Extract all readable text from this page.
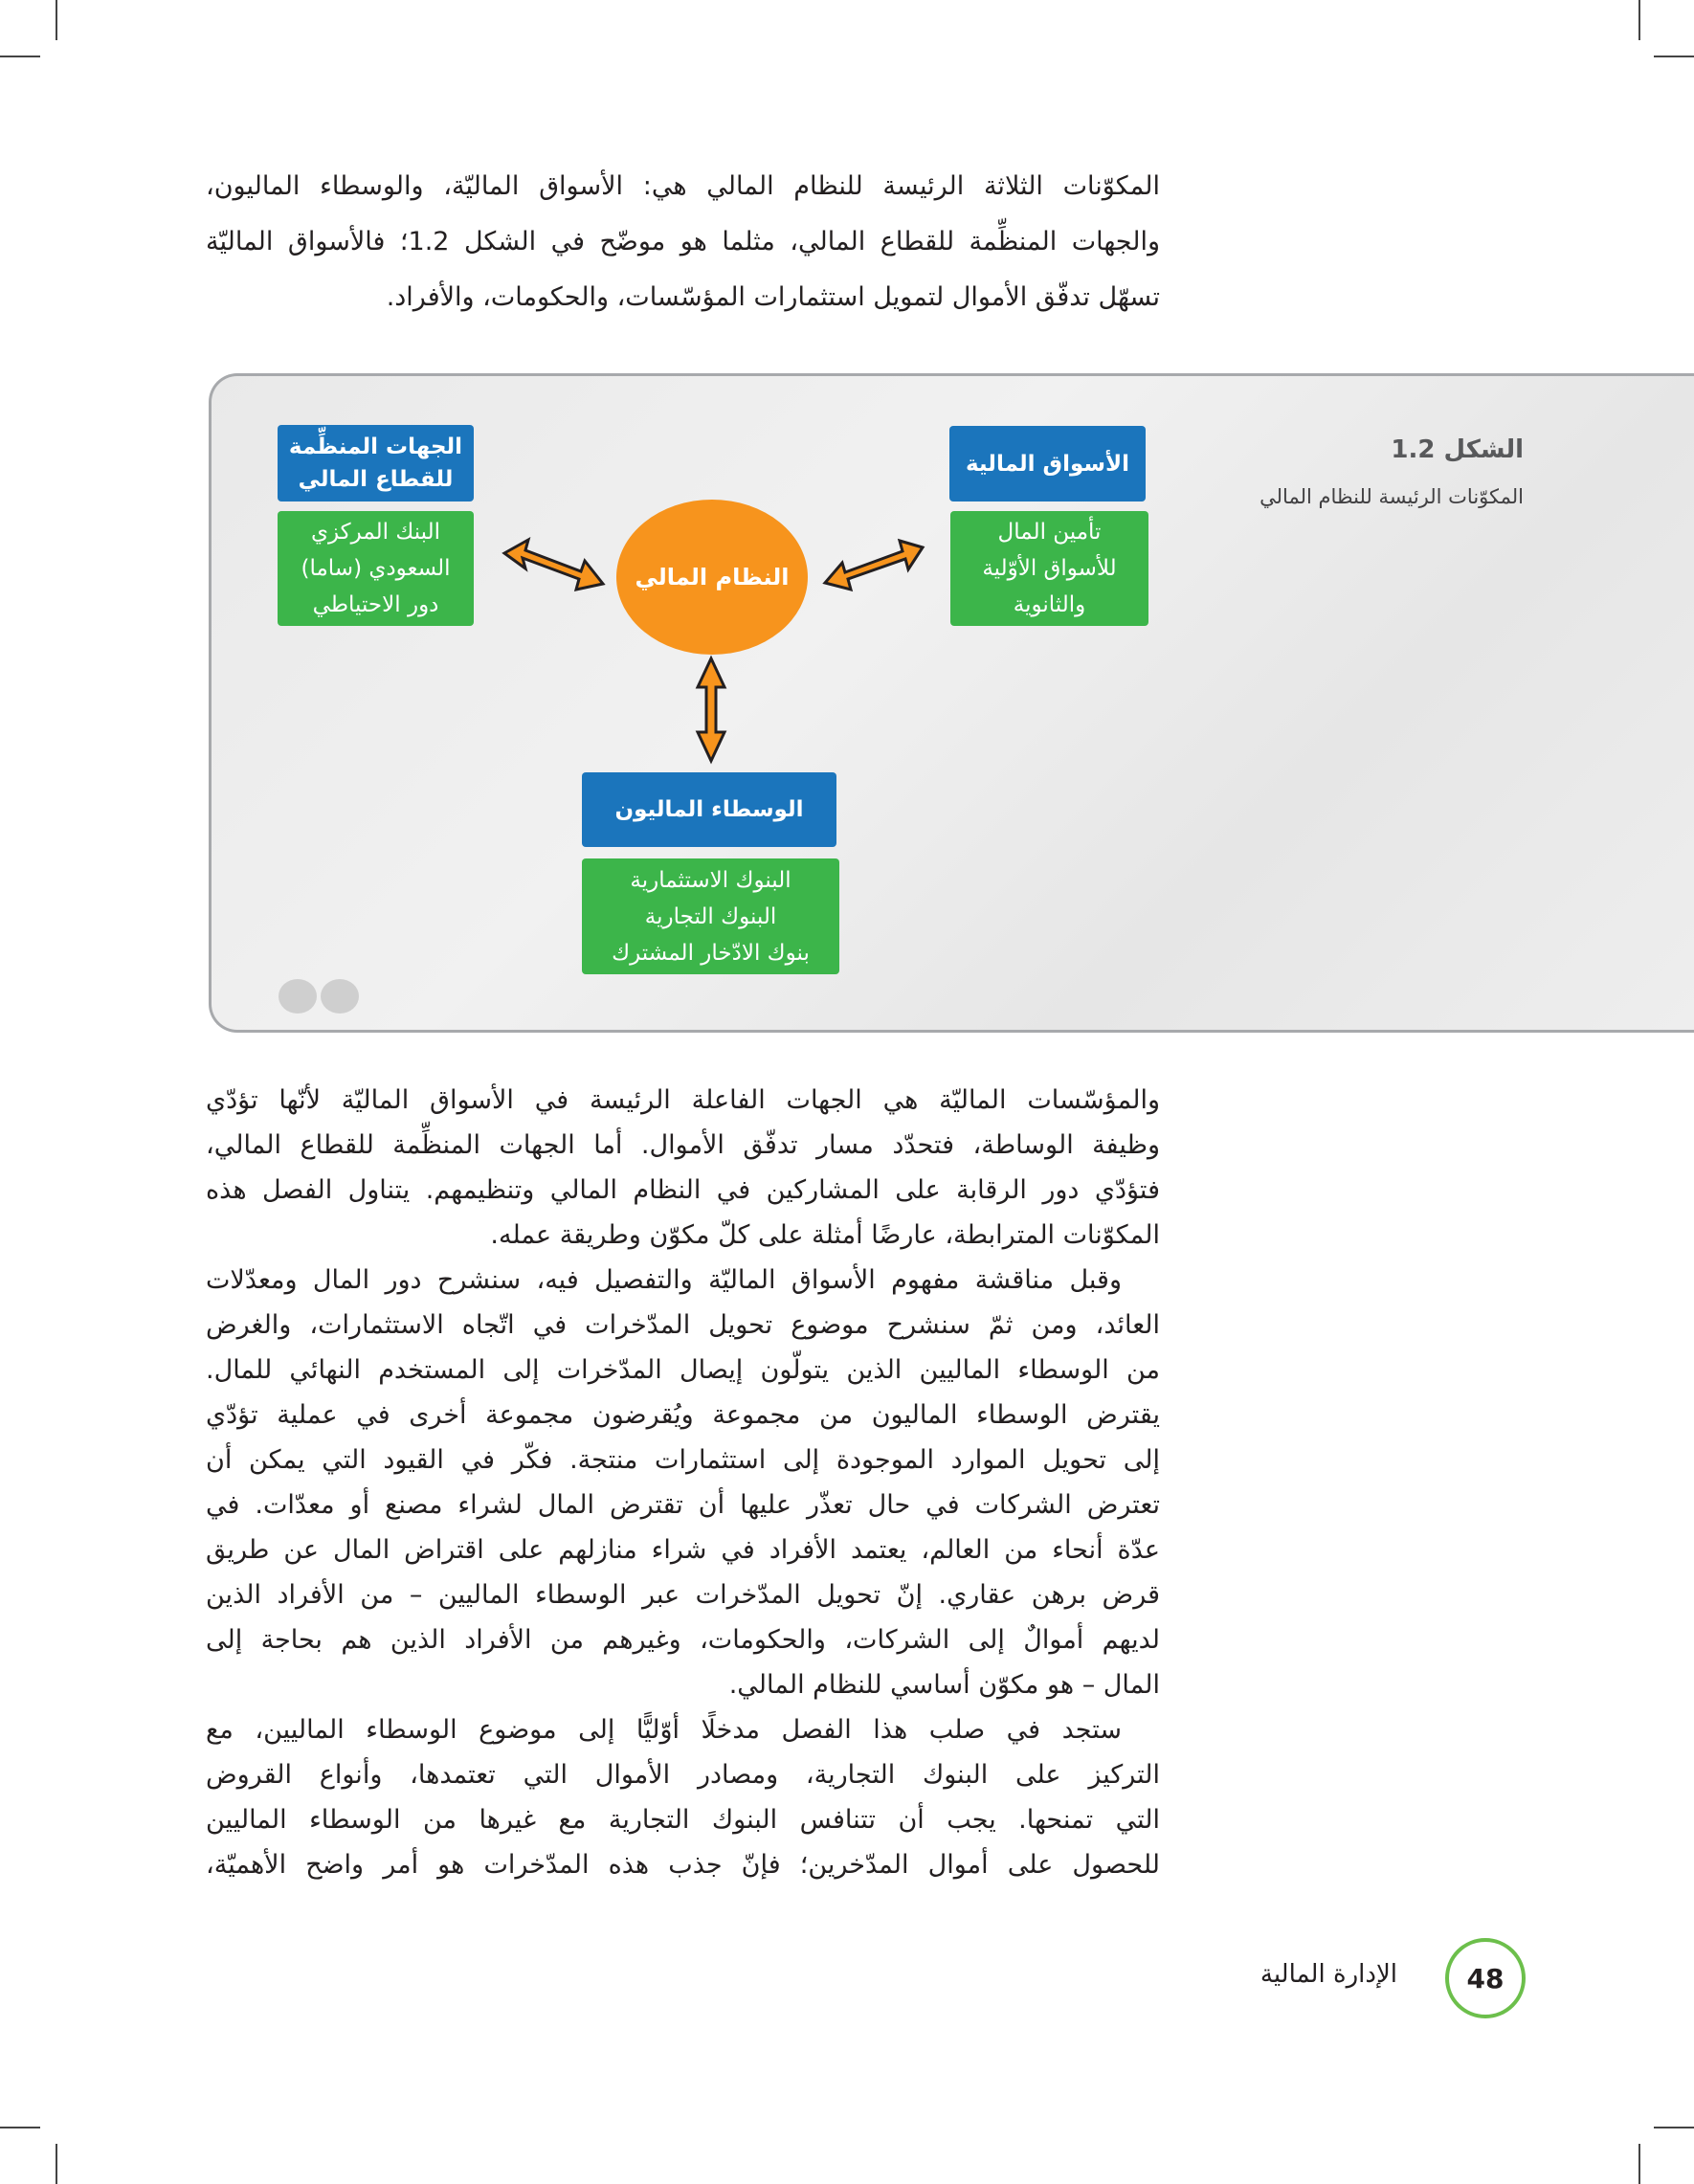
المكوّنات الثلاثة الرئيسة للنظام المالي هي: الأسواق الماليّة، والوسطاء الماليون،
والجهات المنظِّمة للقطاع المالي، مثلما هو موضّح في الشكل 1.2؛ فالأسواق الماليّة
تسهّل تدفّق الأموال لتمويل استثمارات المؤسّسات، والحكومات، والأفراد.
الشكل 1.2
المكوّنات الرئيسة للنظام المالي
الأسواق المالية
تأمين المال
للأسواق الأوّلية
والثانوية
الجهات المنظِّمة
للقطاع المالي
البنك المركزي
السعودي (ساما)
دور الاحتياطي
النظام المالي
الوسطاء الماليون
البنوك الاستثمارية
البنوك التجارية
بنوك الادّخار المشترك
والمؤسّسات الماليّة هي الجهات الفاعلة الرئيسة في الأسواق الماليّة لأنّها تؤدّي
وظيفة الوساطة، فتحدّد مسار تدفّق الأموال. أما الجهات المنظِّمة للقطاع المالي،
فتؤدّي دور الرقابة على المشاركين في النظام المالي وتنظيمهم. يتناول الفصل هذه
المكوّنات المترابطة، عارضًا أمثلة على كلّ مكوّن وطريقة عمله.
وقبل مناقشة مفهوم الأسواق الماليّة والتفصيل فيه، سنشرح دور المال ومعدّلات
العائد، ومن ثمّ سنشرح موضوع تحويل المدّخرات في اتّجاه الاستثمارات، والغرض
من الوسطاء الماليين الذين يتولّون إيصال المدّخرات إلى المستخدم النهائي للمال.
يقترض الوسطاء الماليون من مجموعة ويُقرضون مجموعة أخرى في عملية تؤدّي
إلى تحويل الموارد الموجودة إلى استثمارات منتجة. فكّر في القيود التي يمكن أن
تعترض الشركات في حال تعذّر عليها أن تقترض المال لشراء مصنع أو معدّات. في
عدّة أنحاء من العالم، يعتمد الأفراد في شراء منازلهم على اقتراض المال عن طريق
قرض برهن عقاري. إنّ تحويل المدّخرات عبر الوسطاء الماليين – من الأفراد الذين
لديهم أموالٌ إلى الشركات، والحكومات، وغيرهم من الأفراد الذين هم بحاجة إلى
المال – هو مكوّن أساسي للنظام المالي.
ستجد في صلب هذا الفصل مدخلًا أوّليًّا إلى موضوع الوسطاء الماليين، مع
التركيز على البنوك التجارية، ومصادر الأموال التي تعتمدها، وأنواع القروض
التي تمنحها. يجب أن تتنافس البنوك التجارية مع غيرها من الوسطاء الماليين
للحصول على أموال المدّخرين؛ فإنّ جذب هذه المدّخرات هو أمر واضح الأهميّة،
48
الإدارة المالية
